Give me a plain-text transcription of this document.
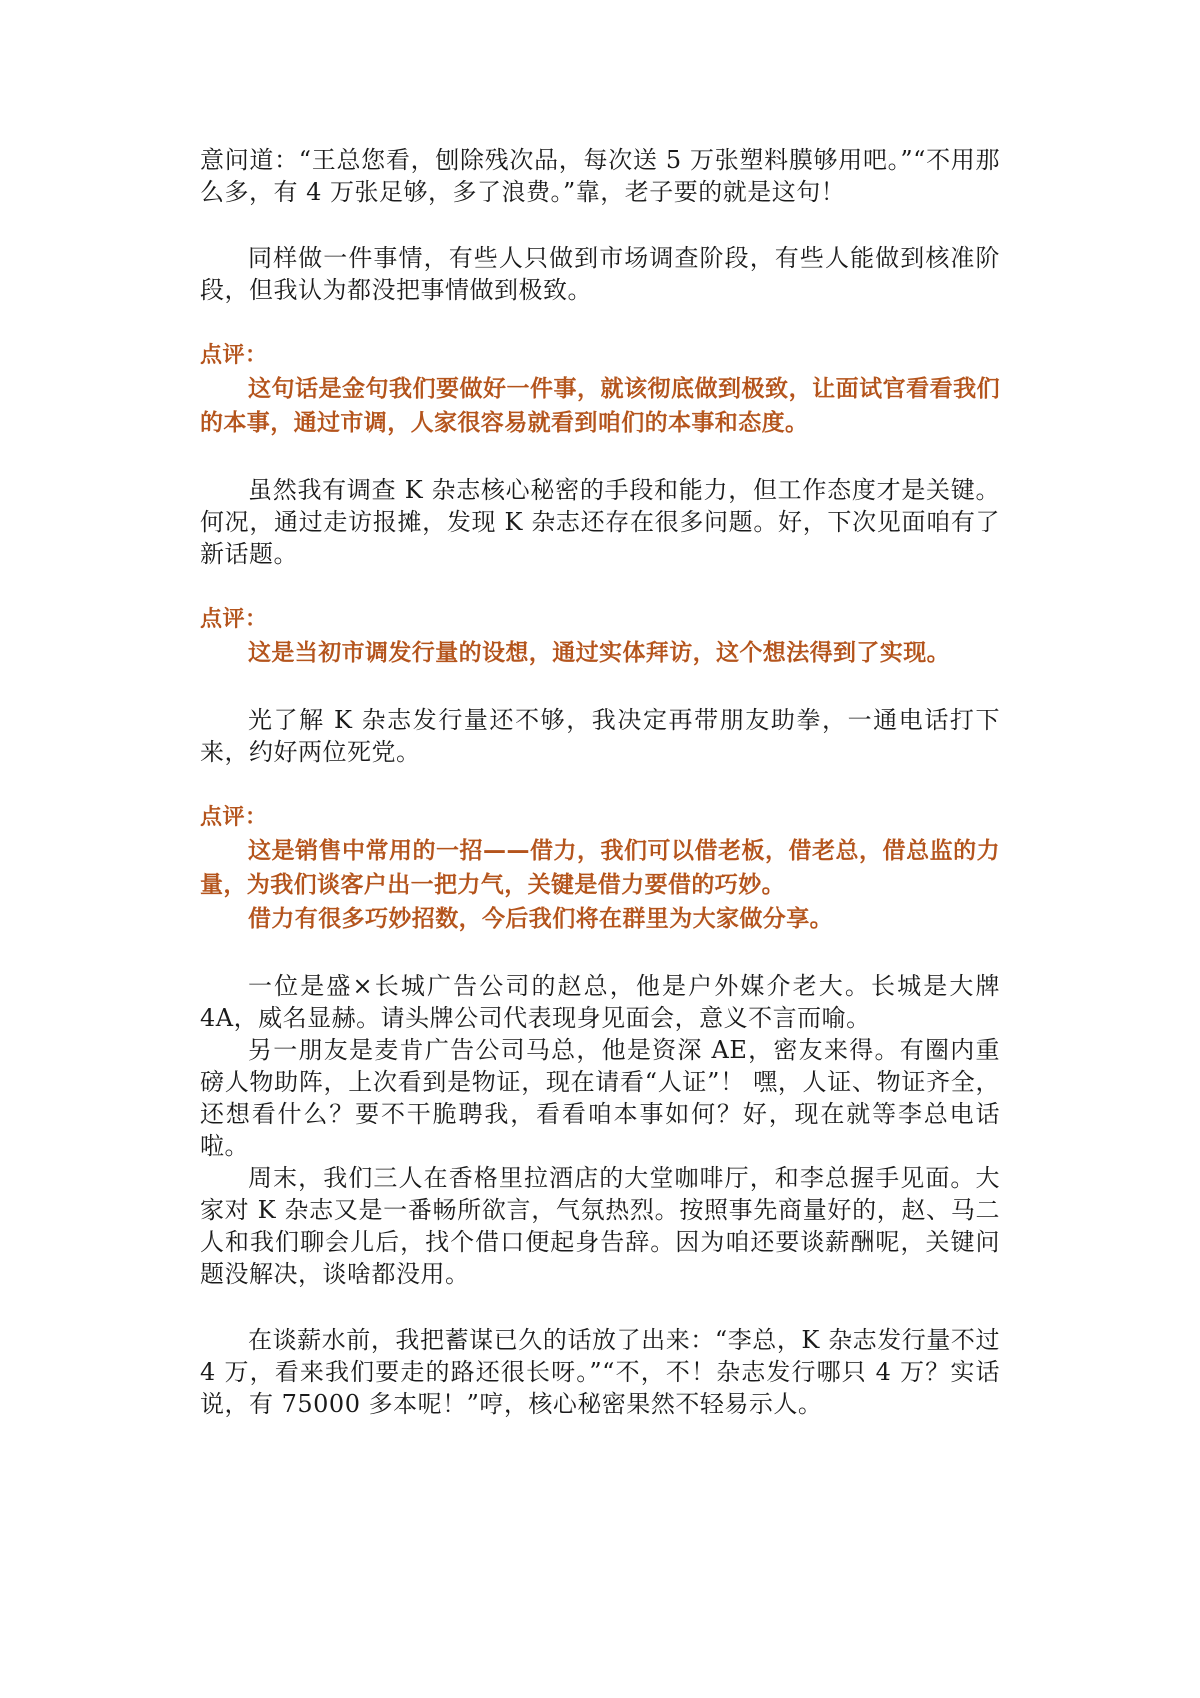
意问道：“王总您看，刨除残次品，每次送 5 万张塑料膜够用吧。”“不用那么多，有 4 万张足够，多了浪费。”靠，老子要的就是这句！

同样做一件事情，有些人只做到市场调查阶段，有些人能做到核准阶段，但我认为都没把事情做到极致。

点评：

这句话是金句我们要做好一件事，就该彻底做到极致，让面试官看看我们的本事，通过市调，人家很容易就看到咱们的本事和态度。

虽然我有调查 K 杂志核心秘密的手段和能力，但工作态度才是关键。何况，通过走访报摊，发现 K 杂志还存在很多问题。好，下次见面咱有了新话题。

点评：

这是当初市调发行量的设想，通过实体拜访，这个想法得到了实现。

光了解 K 杂志发行量还不够，我决定再带朋友助拳，一通电话打下来，约好两位死党。

点评：

这是销售中常用的一招——借力，我们可以借老板，借老总，借总监的力量，为我们谈客户出一把力气，关键是借力要借的巧妙。

借力有很多巧妙招数，今后我们将在群里为大家做分享。

一位是盛×长城广告公司的赵总，他是户外媒介老大。长城是大牌 4A，威名显赫。请头牌公司代表现身见面会，意义不言而喻。

另一朋友是麦肯广告公司马总，他是资深 AE，密友来得。有圈内重磅人物助阵，上次看到是物证，现在请看“人证”！ 嘿，人证、物证齐全，还想看什么？要不干脆聘我，看看咱本事如何？好，现在就等李总电话啦。

周末，我们三人在香格里拉酒店的大堂咖啡厅，和李总握手见面。大家对 K 杂志又是一番畅所欲言，气氛热烈。按照事先商量好的，赵、马二人和我们聊会儿后，找个借口便起身告辞。因为咱还要谈薪酬呢，关键问题没解决，谈啥都没用。

在谈薪水前，我把蓄谋已久的话放了出来：“李总，K 杂志发行量不过 4 万，看来我们要走的路还很长呀。”“不，不！杂志发行哪只 4 万？实话说，有 75000 多本呢！”哼，核心秘密果然不轻易示人。
